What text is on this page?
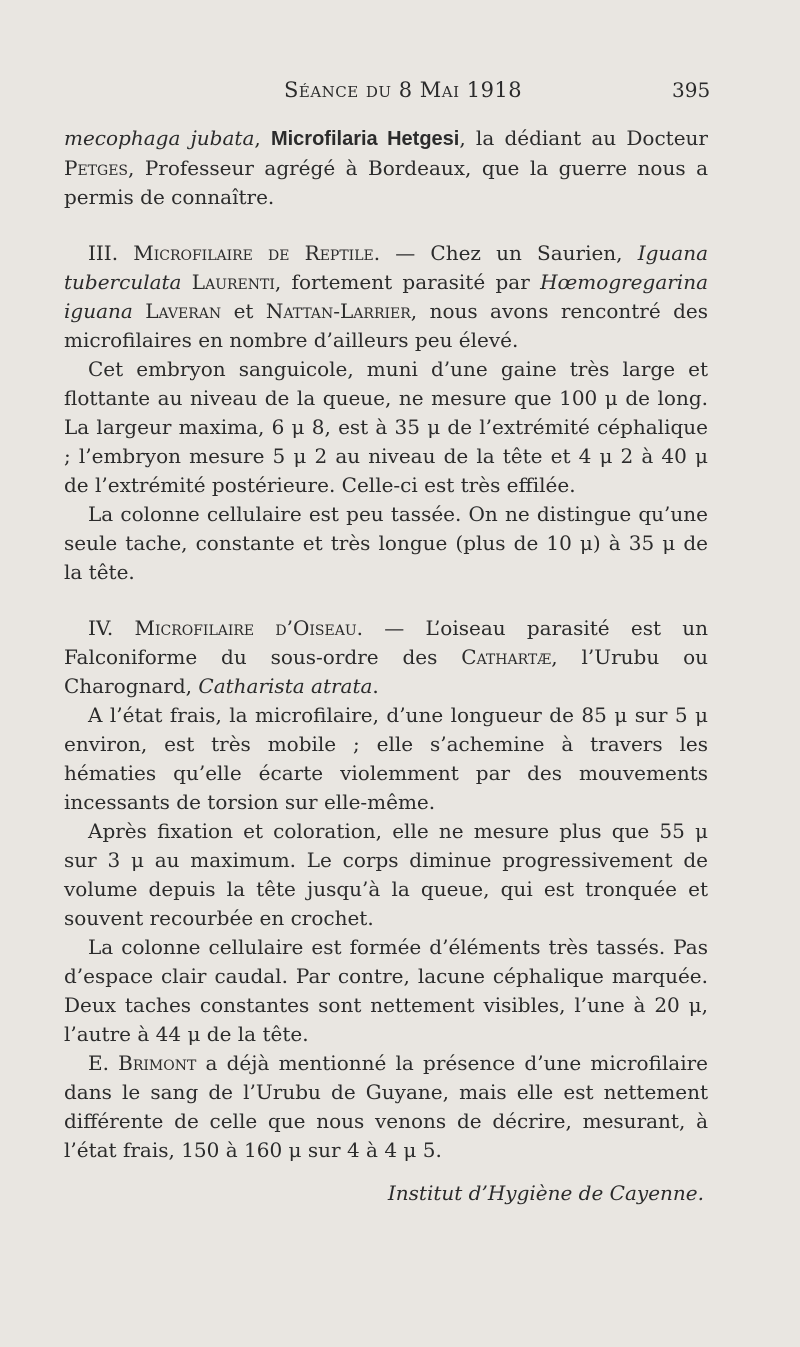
Séance du 8 Mai 1918	395

mecophaga jubata, Microfilaria Hetgesi, la dédiant au Docteur Petges, Professeur agrégé à Bordeaux, que la guerre nous a permis de connaître.

III. Microfilaire de Reptile. — Chez un Saurien, Iguana tuberculata Laurenti, fortement parasité par Hœmogregarina iguana Laveran et Nattan-Larrier, nous avons rencontré des microfilaires en nombre d’ailleurs peu élevé.

Cet embryon sanguicole, muni d’une gaine très large et flottante au niveau de la queue, ne mesure que 100 μ de long. La largeur maxima, 6 μ 8, est à 35 μ de l’extrémité céphalique ; l’embryon mesure 5 μ 2 au niveau de la tête et 4 μ 2 à 40 μ de l’extrémité postérieure. Celle-ci est très effilée.

La colonne cellulaire est peu tassée. On ne distingue qu’une seule tache, constante et très longue (plus de 10 μ) à 35 μ de la tête.

IV. Microfilaire d’Oiseau. — L’oiseau parasité est un Falconiforme du sous-ordre des Cathartæ, l’Urubu ou Charognard, Catharista atrata.

A l’état frais, la microfilaire, d’une longueur de 85 μ sur 5 μ environ, est très mobile ; elle s’achemine à travers les hématies qu’elle écarte violemment par des mouvements incessants de torsion sur elle-même.

Après fixation et coloration, elle ne mesure plus que 55 μ sur 3 μ au maximum. Le corps diminue progressivement de volume depuis la tête jusqu’à la queue, qui est tronquée et souvent recourbée en crochet.

La colonne cellulaire est formée d’éléments très tassés. Pas d’espace clair caudal. Par contre, lacune céphalique marquée. Deux taches constantes sont nettement visibles, l’une à 20 μ, l’autre à 44 μ de la tête.

E. Brimont a déjà mentionné la présence d’une microfilaire dans le sang de l’Urubu de Guyane, mais elle est nettement différente de celle que nous venons de décrire, mesurant, à l’état frais, 150 à 160 μ sur 4 à 4 μ 5.

Institut d’Hygiène de Cayenne.
